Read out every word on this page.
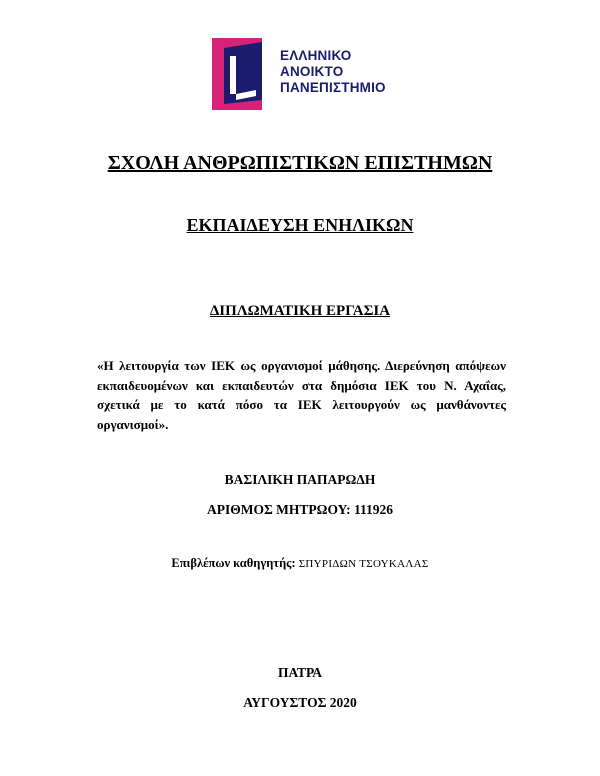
ΕΛΛΗΝΙΚΟ
ΑΝΟΙΚΤΟ
ΠΑΝΕΠΙΣΤΗΜΙΟ
ΣΧΟΛΗ ΑΝΘΡΩΠΙΣΤΙΚΩΝ ΕΠΙΣΤΗΜΩΝ
ΕΚΠΑΙΔΕΥΣΗ ΕΝΗΛΙΚΩΝ
ΔΙΠΛΩΜΑΤΙΚΗ ΕΡΓΑΣΙΑ
«Η λειτουργία των ΙΕΚ ως οργανισμοί μάθησης. Διερεύνηση απόψεων εκπαιδευομένων και εκπαιδευτών στα δημόσια ΙΕΚ του Ν. Αχαΐας, σχετικά με το κατά πόσο τα ΙΕΚ λειτουργούν ως μανθάνοντες οργανισμοί».
ΒΑΣΙΛΙΚΗ ΠΑΠΑΡΩΔΗ
ΑΡΙΘΜΟΣ ΜΗΤΡΩΟΥ: 111926
Επιβλέπων καθηγητής: ΣΠΥΡΙΔΩΝ ΤΣΟΥΚΑΛΑΣ
ΠΑΤΡΑ
ΑΥΓΟΥΣΤΟΣ 2020
